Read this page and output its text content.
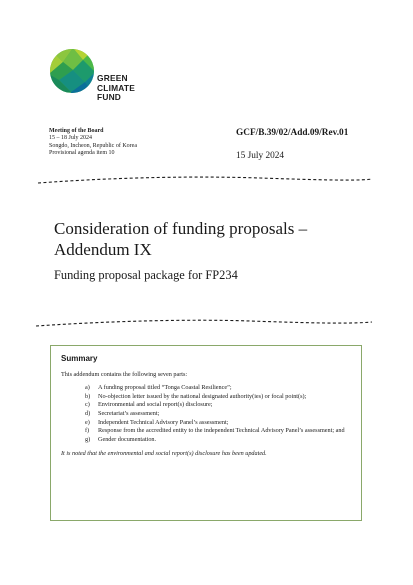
GREEN
CLIMATE
FUND
Meeting of the Board
15 – 18 July 2024
Songdo, Incheon, Republic of Korea
Provisional agenda item 10
GCF/B.39/02/Add.09/Rev.01
15 July 2024
Consideration of funding proposals – Addendum IX
Funding proposal package for FP234
Summary
This addendum contains the following seven parts:
a) A funding proposal titled “Tonga Coastal Resilience”;
b) No-objection letter issued by the national designated authority(ies) or focal point(s);
c) Environmental and social report(s) disclosure;
d) Secretariat’s assessment;
e) Independent Technical Advisory Panel’s assessment;
f) Response from the accredited entity to the independent Technical Advisory Panel’s assessment; and
g) Gender documentation.
It is noted that the environmental and social report(s) disclosure has been updated.
